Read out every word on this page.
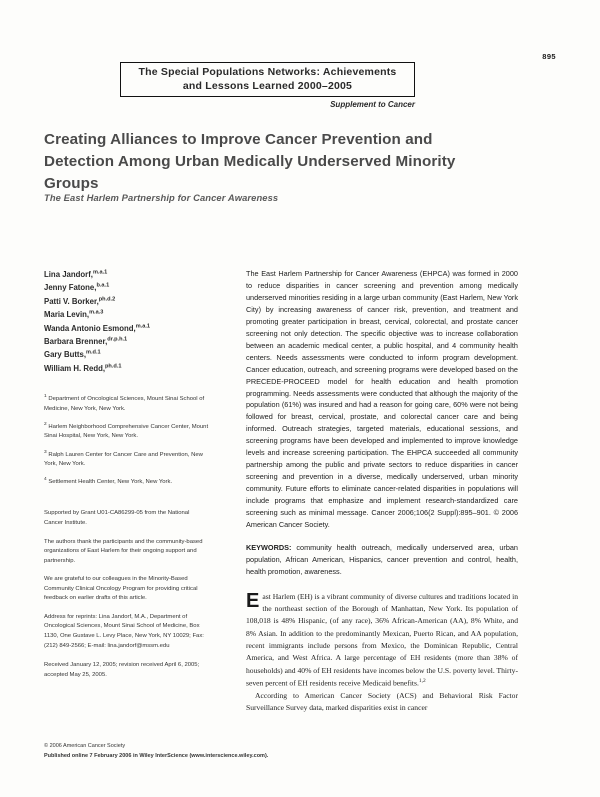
895
The Special Populations Networks: Achievements
and Lessons Learned 2000–2005
Supplement to Cancer
Creating Alliances to Improve Cancer Prevention and Detection Among Urban Medically Underserved Minority Groups
The East Harlem Partnership for Cancer Awareness
Lina Jandorf,$^{m.a.1}$
Jenny Fatone,$^{b.a.1}$
Patti V. Borker,$^{ph.d.2}$
Maria Levin,$^{m.a.3}$
Wanda Antonio Esmond,$^{m.a.1}$
Barbara Brenner,$^{dr.p.h.1}$
Gary Butts,$^{m.d.1}$
William H. Redd,$^{ph.d.1}$
$^1$ Department of Oncological Sciences, Mount Sinai School of Medicine, New York, New York.
$^2$ Harlem Neighborhood Comprehensive Cancer Center, Mount Sinai Hospital, New York, New York.
$^3$ Ralph Lauren Center for Cancer Care and Prevention, New York, New York.
$^4$ Settlement Health Center, New York, New York.

Supported by Grant U01-CA86299-05 from the National Cancer Institute.

The authors thank the participants and the community-based organizations of East Harlem for their ongoing support and partnership.

We are grateful to our colleagues in the Minority-Based Community Clinical Oncology Program for providing critical feedback on earlier drafts of this article.

Address for reprints: Lina Jandorf, M.A., Department of Oncological Sciences, Mount Sinai School of Medicine, Box 1130, One Gustave L. Levy Place, New York, NY 10029; Fax: (212) 849-2566; E-mail: lina.jandorf@mssm.edu

Received January 12, 2005; revision received April 6, 2005; accepted May 25, 2005.

The East Harlem Partnership for Cancer Awareness (EHPCA) was formed in 2000 to reduce disparities in cancer screening and prevention among medically underserved minorities residing in a large urban community (East Harlem, New York City) by increasing awareness of cancer risk, prevention, and treatment and promoting greater participation in breast, cervical, colorectal, and prostate cancer screening not only detection. The specific objective was to increase collaboration between an academic medical center, a public hospital, and 4 community health centers. Needs assessments were conducted to inform program development. Cancer education, outreach, and screening programs were developed based on the PRECEDE-PROCEED model for health education and health promotion programming. Needs assessments were conducted that although the majority of the population (61%) was insured and had a reason for going care, 60% were not being followed for breast, cervical, prostate, and colorectal cancer care and being informed. Outreach strategies, targeted materials, educational sessions, and screening programs have been developed and implemented to improve knowledge levels and increase screening participation. The EHPCA succeeded all community partnership among the public and private sectors to reduce disparities in cancer screening and prevention in a diverse, medically underserved, urban minority community. Future efforts to eliminate cancer-related disparities in populations will include programs that emphasize and implement research-standardized care screening such as minimal message. Cancer 2006;106(2 Suppl):895–901. © 2006 American Cancer Society.

KEYWORDS: community health outreach, medically underserved area, urban population, African American, Hispanics, cancer prevention and control, health, health promotion, awareness.

East Harlem (EH) is a vibrant community of diverse cultures and traditions located in the northeast section of the Borough of Manhattan, New York. Its population of 108,018 is 48% Hispanic, (of any race), 36% African-American (AA), 8% White, and 8% Asian. In addition to the predominantly Mexican, Puerto Rican, and AA population, recent immigrants include persons from Mexico, the Dominican Republic, Central America, and West Africa. A large percentage of EH residents (more than 38% of households) and 40% of EH residents have incomes below the U.S. poverty level. Thirty-seven percent of EH residents receive Medicaid benefits.$^{1,2}$

According to American Cancer Society (ACS) and Behavioral Risk Factor Surveillance Survey data, marked disparities exist in cancer

© 2006 American Cancer Society
Published online 7 February 2006 in Wiley InterScience (www.interscience.wiley.com).
